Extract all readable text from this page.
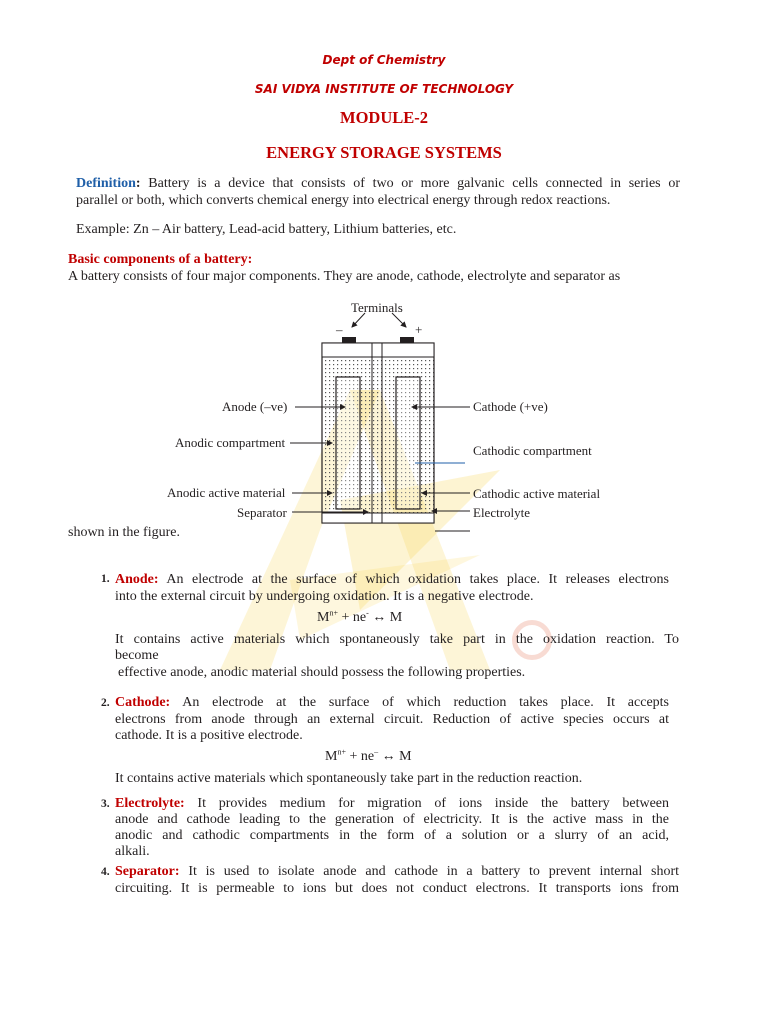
Dept of Chemistry
SAI VIDYA INSTITUTE OF TECHNOLOGY
MODULE-2
ENERGY STORAGE SYSTEMS
Definition: Battery is a device that consists of two or more galvanic cells connected in series or
parallel or both, which converts chemical energy into electrical energy through redox reactions.
Example: Zn – Air battery, Lead-acid battery, Lithium batteries, etc.
Basic components of a battery:
A battery consists of four major components. They are anode, cathode, electrolyte and separator as
Terminals
–	+
Anode (–ve)
Anodic compartment
Anodic active material
Separator
Cathode (+ve)
Cathodic compartment
Cathodic active material
Electrolyte
shown in the figure.
1. Anode: An electrode at the surface of which oxidation takes place. It releases electrons
into the external circuit by undergoing oxidation. It is a negative electrode.
$M^{n+} + ne^-$ ↔ M
It contains active materials which spontaneously take part in the oxidation reaction. To
become
effective anode, anodic material should possess the following properties.
2. Cathode: An electrode at the surface of which reduction takes place. It accepts
electrons from anode through an external circuit. Reduction of active species occurs at
cathode. It is a positive electrode.
$M^{n+} + ne^-$ ↔ M
It contains active materials which spontaneously take part in the reduction reaction.
3. Electrolyte: It provides medium for migration of ions inside the battery between
anode and cathode leading to the generation of electricity. It is the active mass in the
anodic and cathodic compartments in the form of a solution or a slurry of an acid,
alkali.
4. Separator: It is used to isolate anode and cathode in a battery to prevent internal short
circuiting. It is permeable to ions but does not conduct electrons. It transports ions from
